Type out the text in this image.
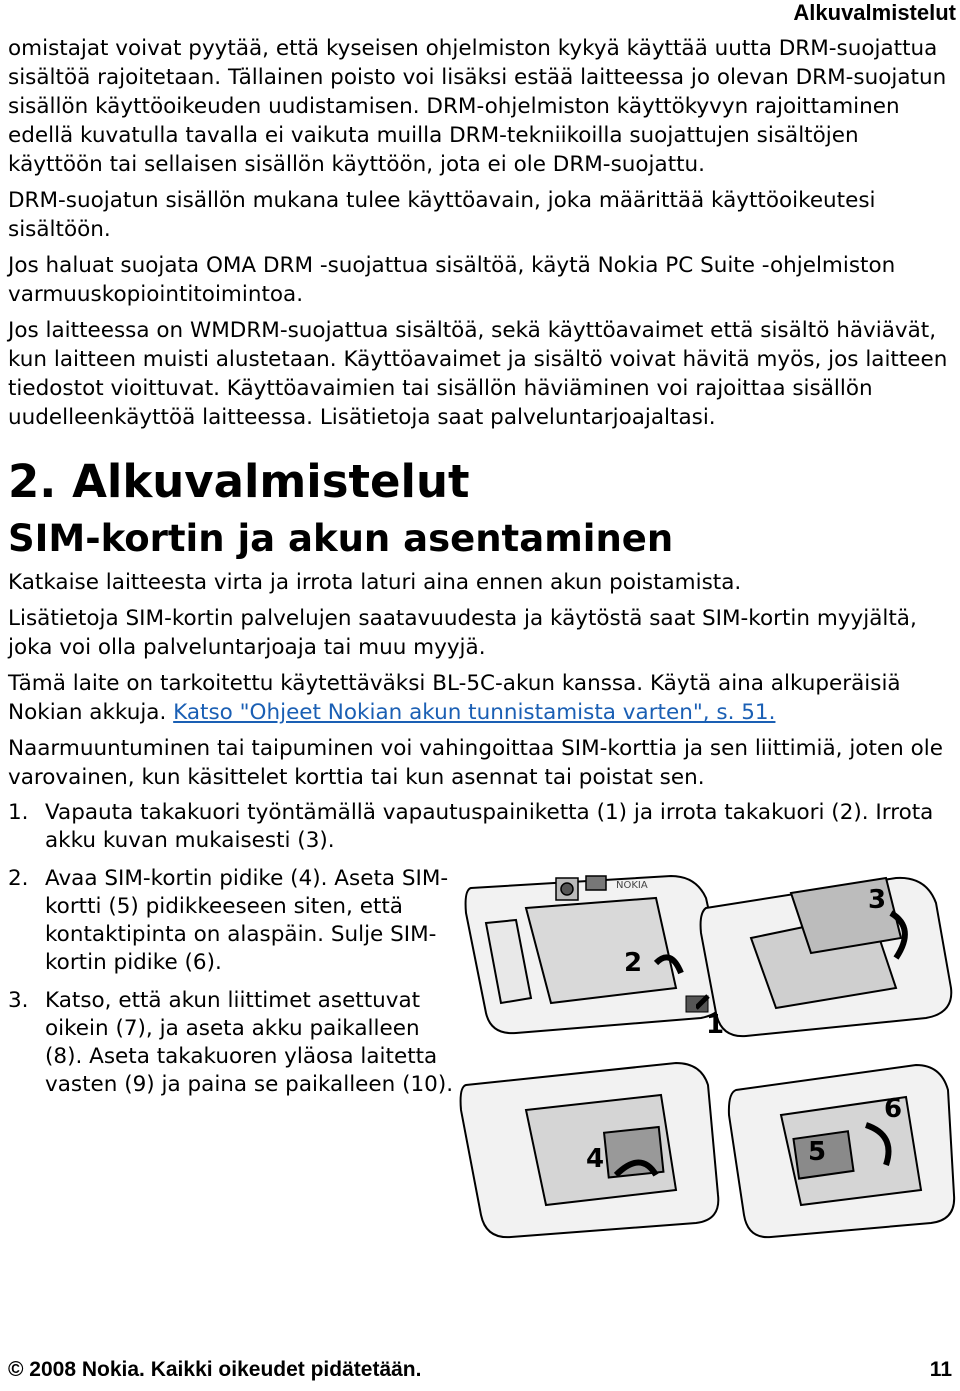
Alkuvalmistelut

omistajat voivat pyytää, että kyseisen ohjelmiston kykyä käyttää uutta DRM-suojattua sisältöä rajoitetaan. Tällainen poisto voi lisäksi estää laitteessa jo olevan DRM-suojatun sisällön käyttöoikeuden uudistamisen. DRM-ohjelmiston käyttökyvyn rajoittaminen edellä kuvatulla tavalla ei vaikuta muilla DRM-tekniikoilla suojattujen sisältöjen käyttöön tai sellaisen sisällön käyttöön, jota ei ole DRM-suojattu.

DRM-suojatun sisällön mukana tulee käyttöavain, joka määrittää käyttöoikeutesi sisältöön.

Jos haluat suojata OMA DRM -suojattua sisältöä, käytä Nokia PC Suite -ohjelmiston varmuuskopiointitoimintoa.

Jos laitteessa on WMDRM-suojattua sisältöä, sekä käyttöavaimet että sisältö häviävät, kun laitteen muisti alustetaan. Käyttöavaimet ja sisältö voivat hävitä myös, jos laitteen tiedostot vioittuvat. Käyttöavaimien tai sisällön häviäminen voi rajoittaa sisällön uudelleenkäyttöä laitteessa. Lisätietoja saat palveluntarjoajaltasi.

2. Alkuvalmistelut
SIM-kortin ja akun asentaminen

Katkaise laitteesta virta ja irrota laturi aina ennen akun poistamista.

Lisätietoja SIM-kortin palvelujen saatavuudesta ja käytöstä saat SIM-kortin myyjältä, joka voi olla palveluntarjoaja tai muu myyjä.

Tämä laite on tarkoitettu käytettäväksi BL-5C-akun kanssa. Käytä aina alkuperäisiä Nokian akkuja. Katso "Ohjeet Nokian akun tunnistamista varten", s. 51.

Naarmuuntuminen tai taipuminen voi vahingoittaa SIM-korttia ja sen liittimiä, joten ole varovainen, kun käsittelet korttia tai kun asennat tai poistat sen.

1. Vapauta takakuori työntämällä vapautuspainiketta (1) ja irrota takakuori (2). Irrota akku kuvan mukaisesti (3).
2. Avaa SIM-kortin pidike (4). Aseta SIM-kortti (5) pidikkeeseen siten, että kontaktipinta on alaspäin. Sulje SIM-kortin pidike (6).
3. Katso, että akun liittimet asettuvat oikein (7), ja aseta akku paikalleen (8). Aseta takakuoren yläosa laitetta vasten (9) ja paina se paikalleen (10).
NOKIA
2
3
1
4	5
6
© 2008 Nokia. Kaikki oikeudet pidätetään.	11
